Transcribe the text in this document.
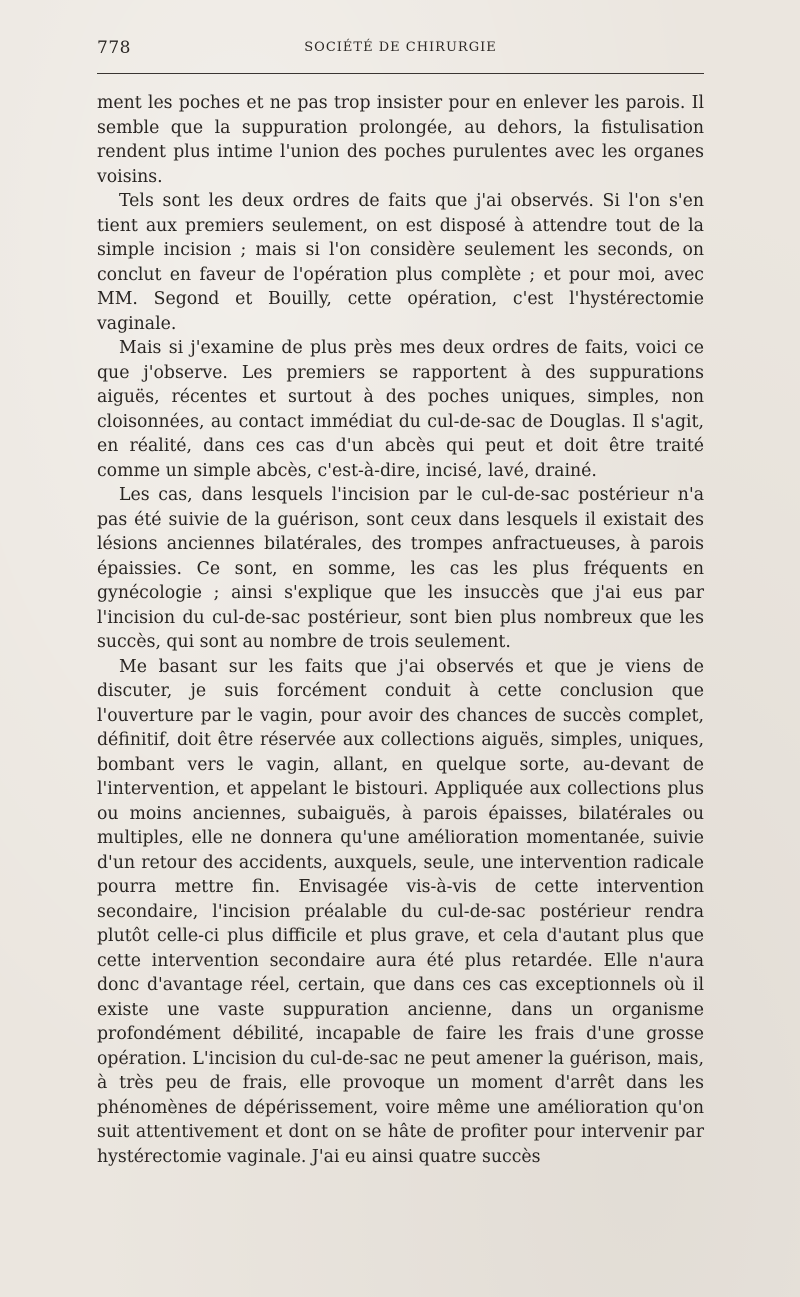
778	SOCIÉTÉ DE CHIRURGIE

ment les poches et ne pas trop insister pour en enlever les parois. Il semble que la suppuration prolongée, au dehors, la fistulisation rendent plus intime l'union des poches purulentes avec les organes voisins.

Tels sont les deux ordres de faits que j'ai observés. Si l'on s'en tient aux premiers seulement, on est disposé à attendre tout de la simple incision ; mais si l'on considère seulement les seconds, on conclut en faveur de l'opération plus complète ; et pour moi, avec MM. Segond et Bouilly, cette opération, c'est l'hystérectomie vaginale.

Mais si j'examine de plus près mes deux ordres de faits, voici ce que j'observe. Les premiers se rapportent à des suppurations aiguës, récentes et surtout à des poches uniques, simples, non cloisonnées, au contact immédiat du cul-de-sac de Douglas. Il s'agit, en réalité, dans ces cas d'un abcès qui peut et doit être traité comme un simple abcès, c'est-à-dire, incisé, lavé, drainé.

Les cas, dans lesquels l'incision par le cul-de-sac postérieur n'a pas été suivie de la guérison, sont ceux dans lesquels il existait des lésions anciennes bilatérales, des trompes anfractueuses, à parois épaissies. Ce sont, en somme, les cas les plus fréquents en gynécologie ; ainsi s'explique que les insuccès que j'ai eus par l'incision du cul-de-sac postérieur, sont bien plus nombreux que les succès, qui sont au nombre de trois seulement.

Me basant sur les faits que j'ai observés et que je viens de discuter, je suis forcément conduit à cette conclusion que l'ouverture par le vagin, pour avoir des chances de succès complet, définitif, doit être réservée aux collections aiguës, simples, uniques, bombant vers le vagin, allant, en quelque sorte, au-devant de l'intervention, et appelant le bistouri. Appliquée aux collections plus ou moins anciennes, subaiguës, à parois épaisses, bilatérales ou multiples, elle ne donnera qu'une amélioration momentanée, suivie d'un retour des accidents, auxquels, seule, une intervention radicale pourra mettre fin. Envisagée vis-à-vis de cette intervention secondaire, l'incision préalable du cul-de-sac postérieur rendra plutôt celle-ci plus difficile et plus grave, et cela d'autant plus que cette intervention secondaire aura été plus retardée. Elle n'aura donc d'avantage réel, certain, que dans ces cas exceptionnels où il existe une vaste suppuration ancienne, dans un organisme profondément débilité, incapable de faire les frais d'une grosse opération. L'incision du cul-de-sac ne peut amener la guérison, mais, à très peu de frais, elle provoque un moment d'arrêt dans les phénomènes de dépérissement, voire même une amélioration qu'on suit attentivement et dont on se hâte de profiter pour intervenir par hystérectomie vaginale. J'ai eu ainsi quatre succès
